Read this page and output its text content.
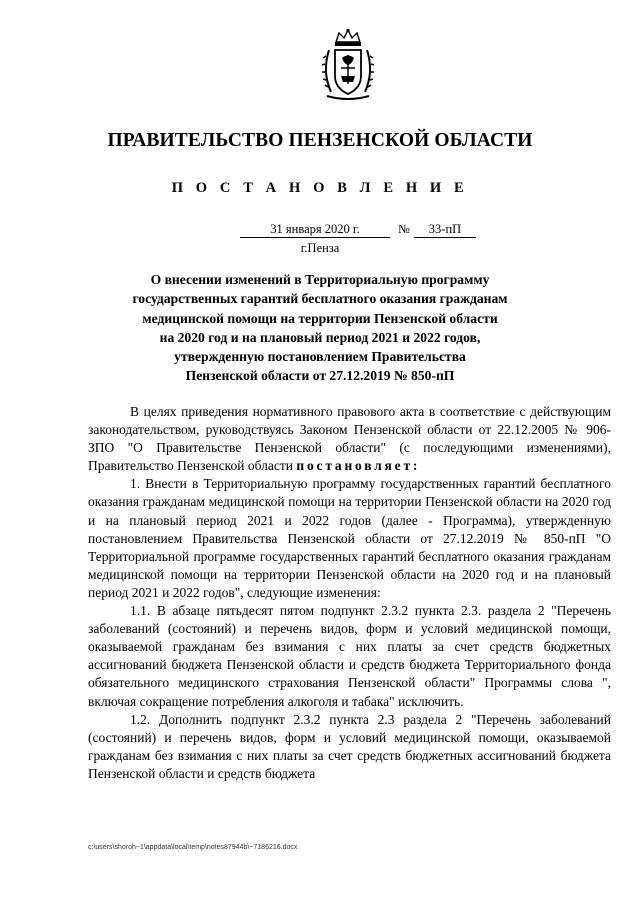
ПРАВИТЕЛЬСТВО ПЕНЗЕНСКОЙ ОБЛАСТИ
П О С Т А Н О В Л Е Н И Е
31 января 2020 г.	№	33-пП
г.Пенза
О внесении изменений в Территориальную программу
государственных гарантий бесплатного оказания гражданам
медицинской помощи на территории Пензенской области
на 2020 год и на плановый период 2021 и 2022 годов,
утвержденную постановлением Правительства
Пензенской области от 27.12.2019 № 850-пП

В целях приведения нормативного правового акта в соответствие с действующим законодательством, руководствуясь Законом Пензенской области от 22.12.2005 № 906-ЗПО "О Правительстве Пензенской области" (с последующими изменениями), Правительство Пензенской области постановляет:

1. Внести в Территориальную программу государственных гарантий бесплатного оказания гражданам медицинской помощи на территории Пензенской области на 2020 год и на плановый период 2021 и 2022 годов (далее - Программа), утвержденную постановлением Правительства Пензенской области от 27.12.2019 № 850-пП "О Территориальной программе государственных гарантий бесплатного оказания гражданам медицинской помощи на территории Пензенской области на 2020 год и на плановый период 2021 и 2022 годов", следующие изменения:

1.1. В абзаце пятьдесят пятом подпункт 2.3.2 пункта 2.3. раздела 2 "Перечень заболеваний (состояний) и перечень видов, форм и условий медицинской помощи, оказываемой гражданам без взимания с них платы за счет средств бюджетных ассигнований бюджета Пензенской области и средств бюджета Территориального фонда обязательного медицинского страхования Пензенской области" Программы слова ", включая сокращение потребления алкоголя и табака" исключить.

1.2. Дополнить подпункт 2.3.2 пункта 2.3 раздела 2 "Перечень заболеваний (состояний) и перечень видов, форм и условий медицинской помощи, оказываемой гражданам без взимания с них платы за счет средств бюджетных ассигнований бюджета Пензенской области и средств бюджета

c:\users\shoroh~1\appdata\local\temp\notes87944b\~7186216.docx
